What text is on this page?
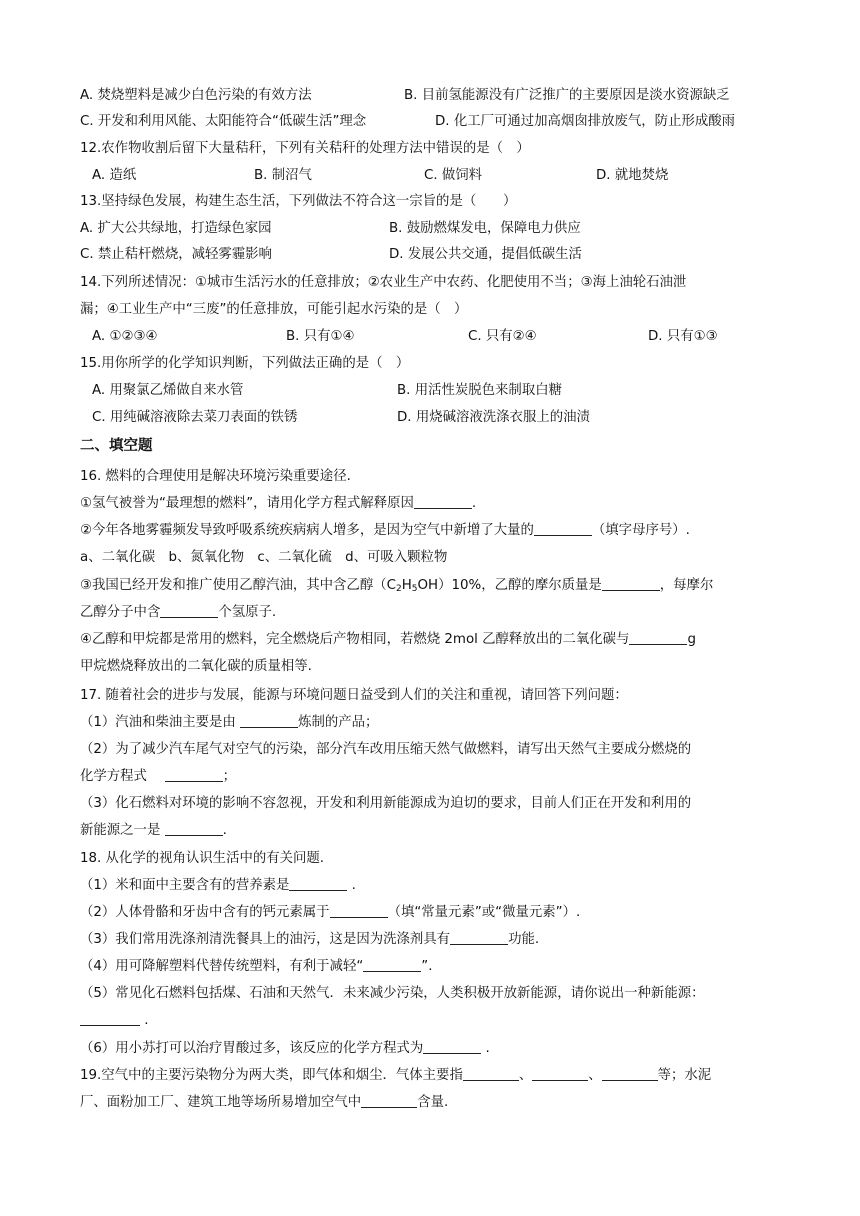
A. 焚烧塑料是减少白色污染的有效方法	B. 目前氢能源没有广泛推广的主要原因是淡水资源缺乏
C. 开发和利用风能、太阳能符合“低碳生活”理念	D. 化工厂可通过加高烟囱排放废气，防止形成酸雨
12.农作物收割后留下大量秸秆，下列有关秸秆的处理方法中错误的是（　）
A. 造纸	B. 制沼气	C. 做饲料	D. 就地焚烧
13.坚持绿色发展，构建生态生活，下列做法不符合这一宗旨的是（　　）
A. 扩大公共绿地，打造绿色家园	B. 鼓励燃煤发电，保障电力供应
C. 禁止秸杆燃烧，减轻雾霾影响	D. 发展公共交通，提倡低碳生活
14.下列所述情况：①城市生活污水的任意排放；②农业生产中农药、化肥使用不当；③海上油轮石油泄
漏；④工业生产中“三废”的任意排放，可能引起水污染的是（　）
A. ①②③④	B. 只有①④	C. 只有②④	D. 只有①③
15.用你所学的化学知识判断，下列做法正确的是（　）
A. 用聚氯乙烯做自来水管	B. 用活性炭脱色来制取白糖
C. 用纯碱溶液除去菜刀表面的铁锈	D. 用烧碱溶液洗涤衣服上的油渍
二、填空题
16. 燃料的合理使用是解决环境污染重要途径.
①氢气被誉为“最理想的燃料”，请用化学方程式解释原因	.
②今年各地雾霾频发导致呼吸系统疾病病人增多，是因为空气中新增了大量的	（填字母序号）.
a、二氧化碳　b、氮氧化物　c、二氧化硫　d、可吸入颗粒物
③我国已经开发和推广使用乙醇汽油，其中含乙醇$(C_2H_5OH)10\%$，乙醇的摩尔质量是	，每摩尔
乙醇分子中含	个氢原子.
④乙醇和甲烷都是常用的燃料，完全燃烧后产物相同，若燃烧 2mol 乙醇释放出的二氧化碳与	g
甲烷燃烧释放出的二氧化碳的质量相等.
17. 随着社会的进步与发展，能源与环境问题日益受到人们的关注和重视，请回答下列问题：
（1）汽油和柴油主要是由	炼制的产品；
（2）为了减少汽车尾气对空气的污染，部分汽车改用压缩天然气做燃料，请写出天然气主要成分燃烧的
化学方程式　	；
（3）化石燃料对环境的影响不容忽视，开发和利用新能源成为迫切的要求，目前人们正在开发和利用的
新能源之一是	.
18. 从化学的视角认识生活中的有关问题.
（1）米和面中主要含有的营养素是	.
（2）人体骨骼和牙齿中含有的钙元素属于	（填“常量元素”或“微量元素”）.
（3）我们常用洗涤剂清洗餐具上的油污，这是因为洗涤剂具有	功能.
（4）用可降解塑料代替传统塑料，有利于减轻“	”.
（5）常见化石燃料包括煤、石油和天然气．未来减少污染，人类积极开放新能源，请你说出一种新能源：
.
（6）用小苏打可以治疗胃酸过多，该反应的化学方程式为	.
19.空气中的主要污染物分为两大类，即气体和烟尘．气体主要指	、	、	等；水泥
厂、面粉加工厂、建筑工地等场所易增加空气中	含量.
